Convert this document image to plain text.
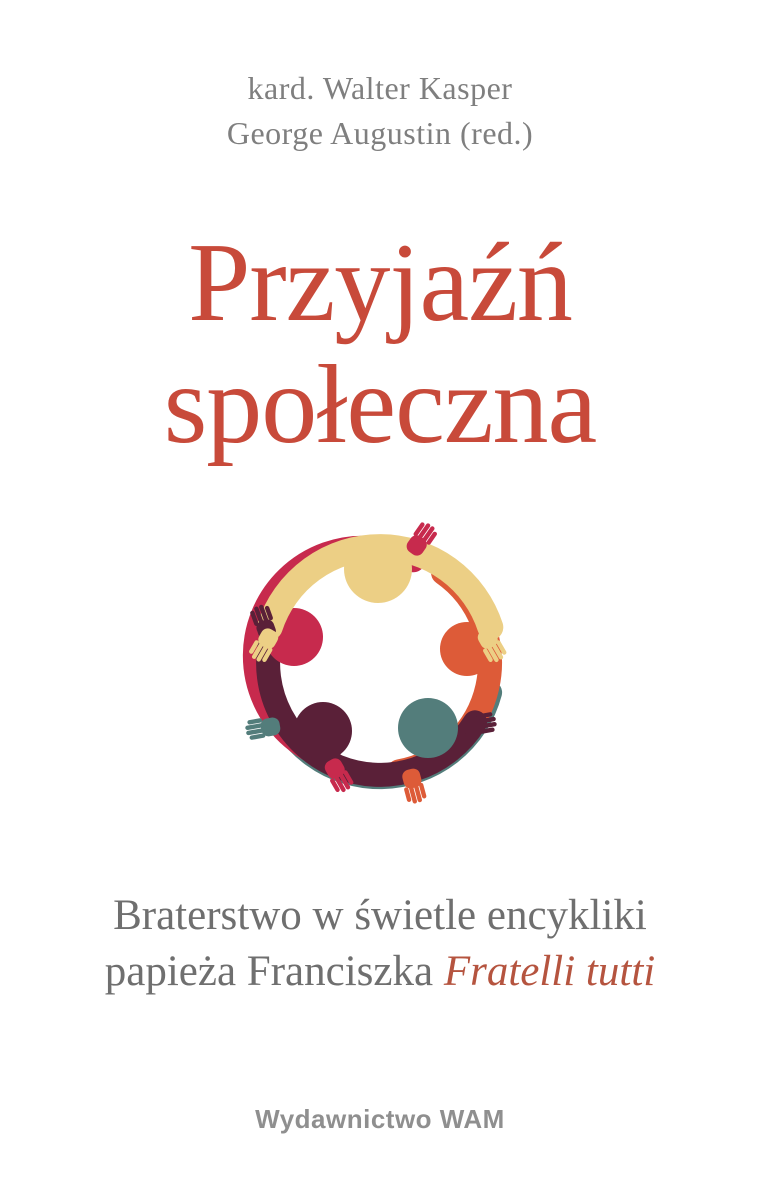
kard. Walter Kasper
George Augustin (red.)
Przyjaźń
społeczna
Braterstwo w świetle encykliki
papieża Franciszka Fratelli tutti
Wydawnictwo WAM
